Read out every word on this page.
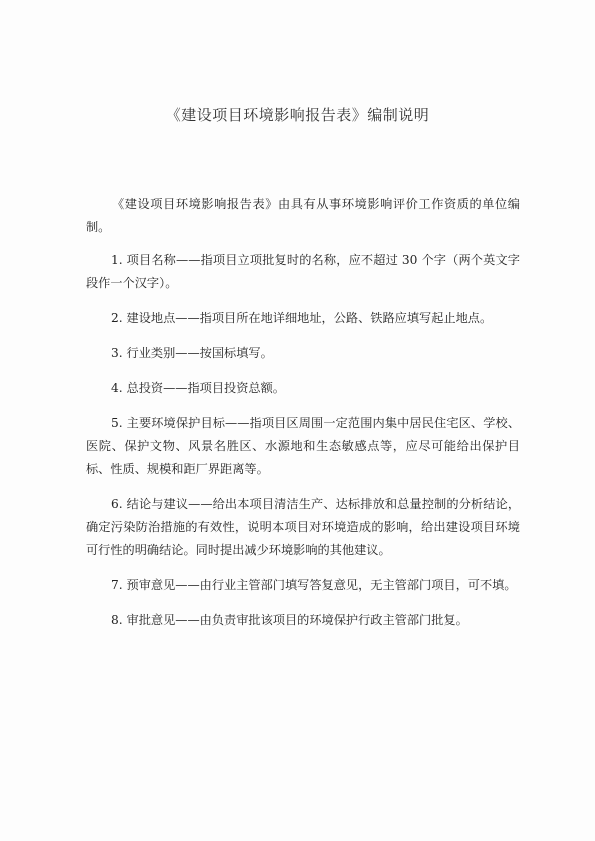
《建设项目环境影响报告表》编制说明

《建设项目环境影响报告表》由具有从事环境影响评价工作资质的单位编制。

1. 项目名称——指项目立项批复时的名称，应不超过 30 个字（两个英文字段作一个汉字）。

2. 建设地点——指项目所在地详细地址，公路、铁路应填写起止地点。

3. 行业类别——按国标填写。

4. 总投资——指项目投资总额。

5. 主要环境保护目标——指项目区周围一定范围内集中居民住宅区、学校、医院、保护文物、风景名胜区、水源地和生态敏感点等，应尽可能给出保护目标、性质、规模和距厂界距离等。

6. 结论与建议——给出本项目清洁生产、达标排放和总量控制的分析结论，确定污染防治措施的有效性，说明本项目对环境造成的影响，给出建设项目环境可行性的明确结论。同时提出减少环境影响的其他建议。

7. 预审意见——由行业主管部门填写答复意见，无主管部门项目，可不填。

8. 审批意见——由负责审批该项目的环境保护行政主管部门批复。
